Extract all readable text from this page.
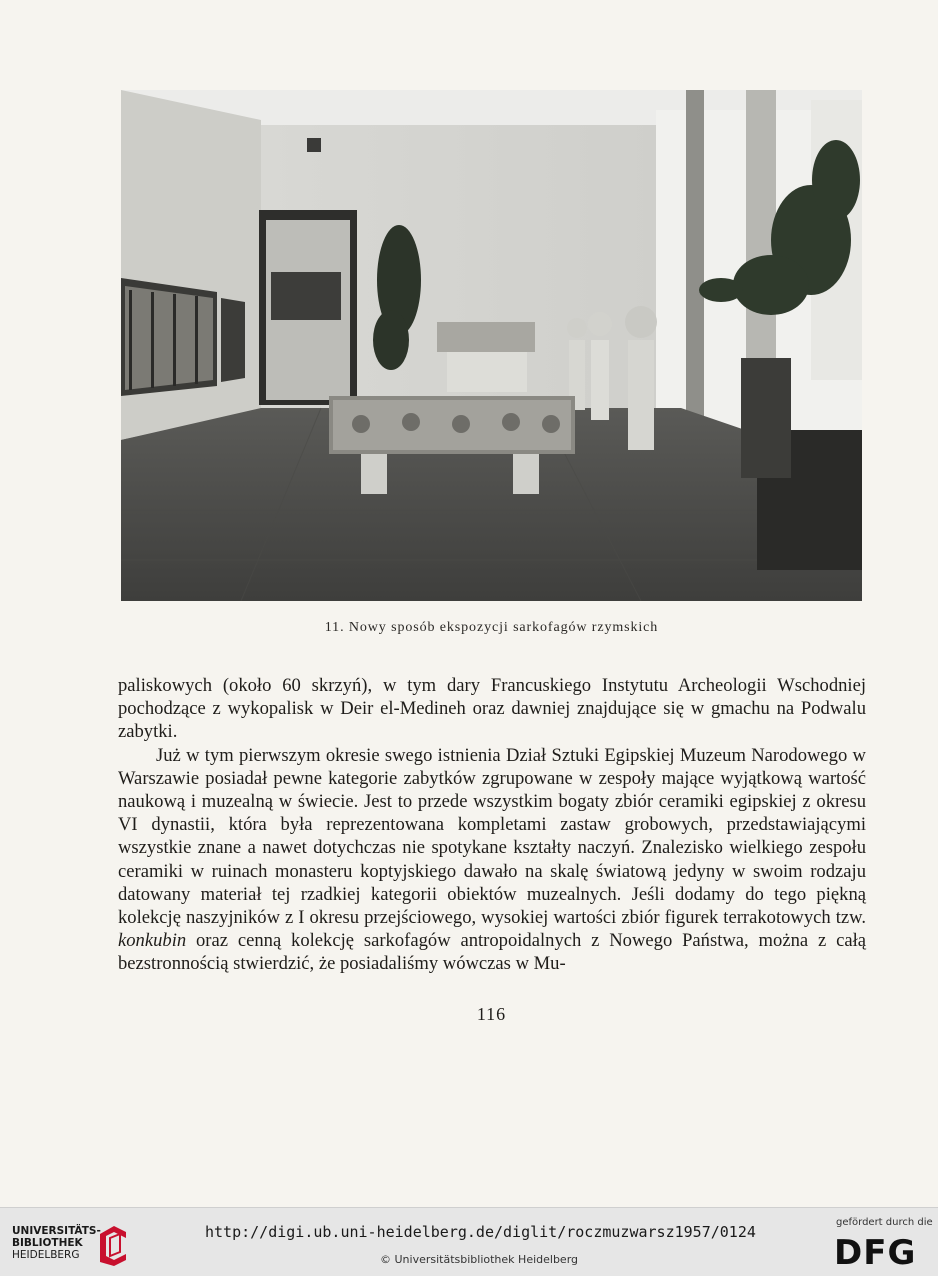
11. Nowy sposób ekspozycji sarkofagów rzymskich

paliskowych (około 60 skrzyń), w tym dary Francuskiego Instytutu Archeologii Wschodniej pochodzące z wykopalisk w Deir el-Medineh oraz dawniej znajdujące się w gmachu na Podwalu zabytki.

Już w tym pierwszym okresie swego istnienia Dział Sztuki Egipskiej Muzeum Narodowego w Warszawie posiadał pewne kategorie zabytków zgrupowane w zespoły mające wyjątkową wartość naukową i muzealną w świecie. Jest to przede wszystkim bogaty zbiór ceramiki egipskiej z okresu VI dynastii, która była reprezentowana kompletami zastaw grobowych, przedstawiającymi wszystkie znane a nawet dotychczas nie spotykane kształty naczyń. Znalezisko wielkiego zespołu ceramiki w ruinach monasteru koptyjskiego dawało na skalę światową jedyny w swoim rodzaju datowany materiał tej rzadkiej kategorii obiektów muzealnych. Jeśli dodamy do tego piękną kolekcję naszyjników z I okresu przejściowego, wysokiej wartości zbiór figurek terrakotowych tzw. konkubin oraz cenną kolekcję sarkofagów antropoidalnych z Nowego Państwa, można z całą bezstronnością stwierdzić, że posiadaliśmy wówczas w Mu-

116
UNIVERSITÄTS-
BIBLIOTHEK
HEIDELBERG
http://digi.ub.uni-heidelberg.de/diglit/roczmuzwarsz1957/0124
© Universitätsbibliothek Heidelberg
gefördert durch die
DFG
